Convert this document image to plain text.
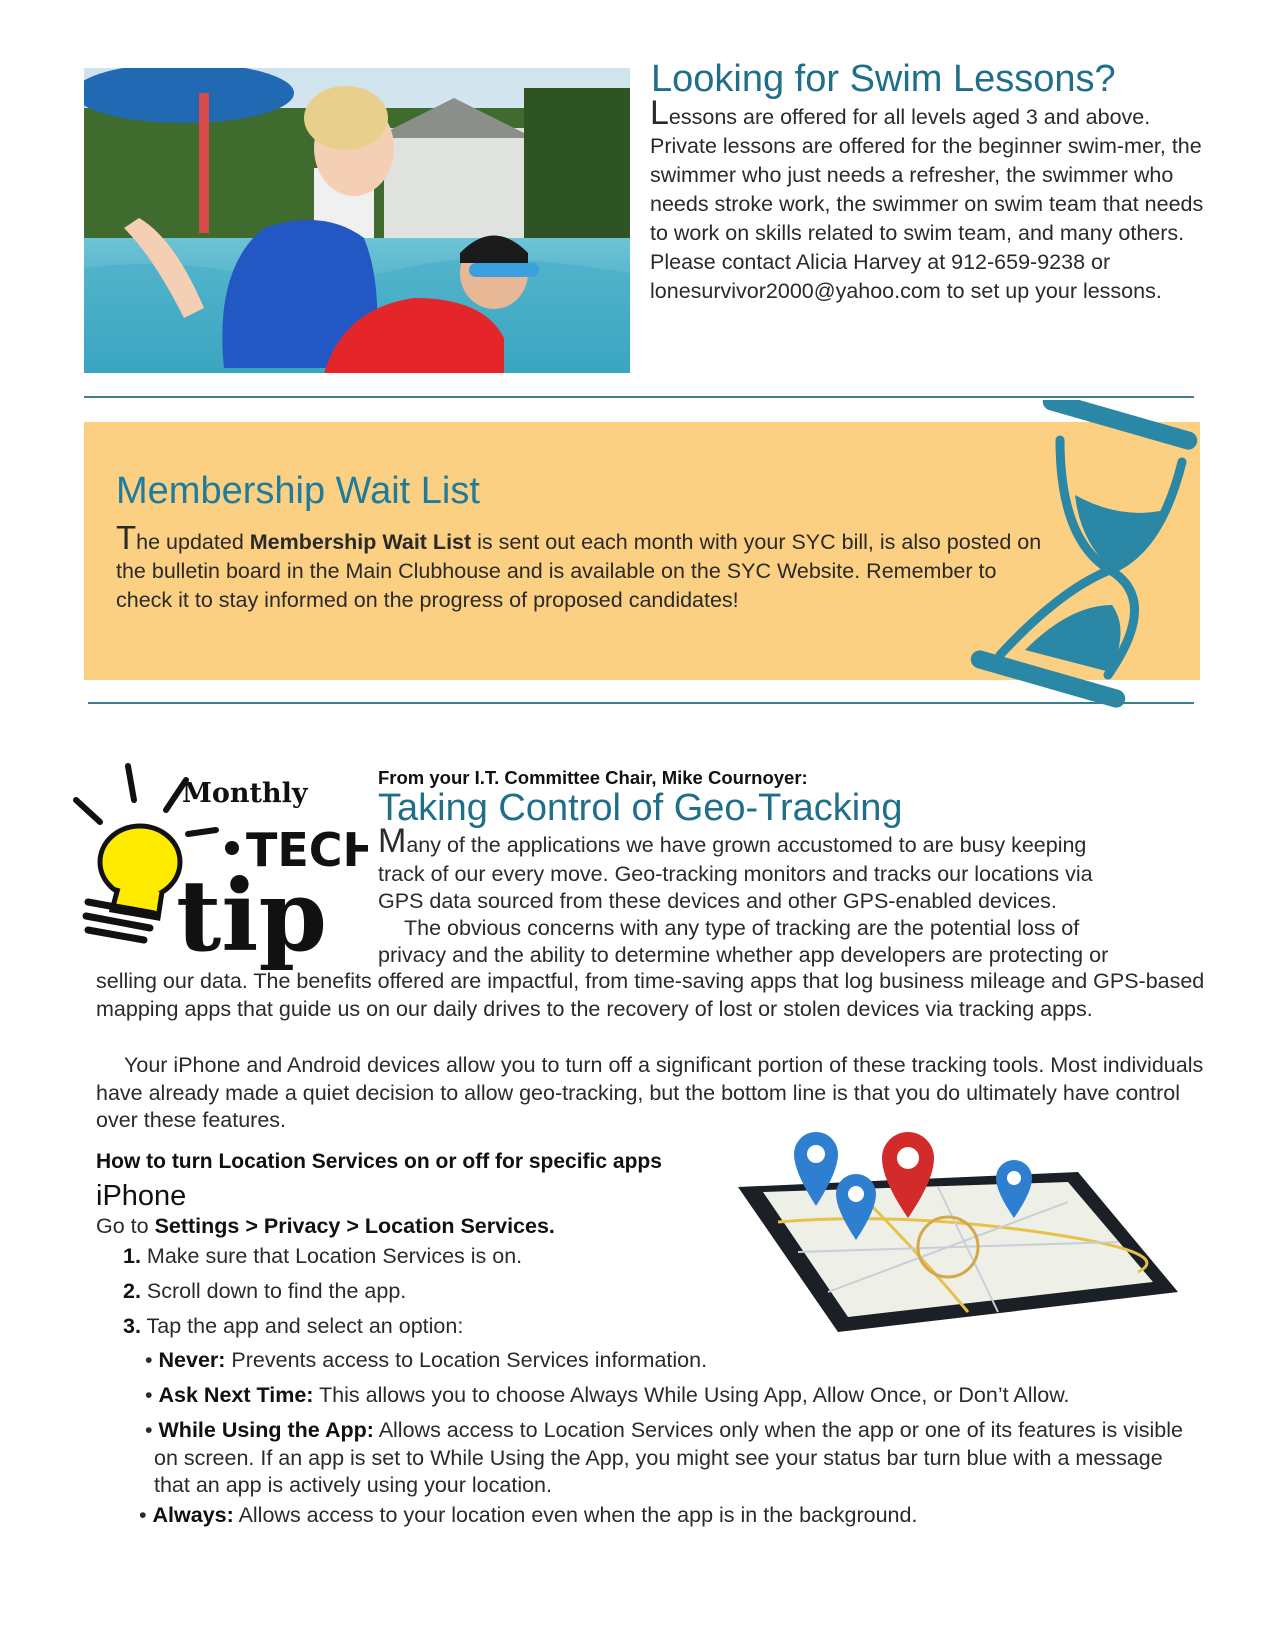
Looking for Swim Lessons?
Lessons are offered for all levels aged 3 and above. Private lessons are offered for the beginner swim-mer, the swimmer who just needs a refresher, the swimmer who needs stroke work, the swimmer on swim team that needs to work on skills related to swim team, and many others. Please contact Alicia Harvey at 912-659-9238 or lonesurvivor2000@yahoo.com to set up your lessons.
Membership Wait List
The updated Membership Wait List is sent out each month with your SYC bill, is also posted on the bulletin board in the Main Clubhouse and is available on the SYC Website. Remember to check it to stay informed on the progress of proposed candidates!
Monthly
TECH
tip
From your I.T. Committee Chair, Mike Cournoyer:
Taking Control of Geo-Tracking
Many of the applications we have grown accustomed to are busy keeping
track of our every move. Geo-tracking monitors and tracks our locations via
GPS data sourced from these devices and other GPS-enabled devices.
The obvious concerns with any type of tracking are the potential loss of
privacy and the ability to determine whether app developers are protecting or
selling our data. The benefits offered are impactful, from time-saving apps that log business mileage and GPS-based mapping apps that guide us on our daily drives to the recovery of lost or stolen devices via tracking apps.
Your iPhone and Android devices allow you to turn off a significant portion of these tracking tools. Most individuals have already made a quiet decision to allow geo-tracking, but the bottom line is that you do ultimately have control over these features.
How to turn Location Services on or off for specific apps
iPhone
Go to Settings > Privacy > Location Services.
1. Make sure that Location Services is on.
2. Scroll down to find the app.
3. Tap the app and select an option:
• Never: Prevents access to Location Services information.
• Ask Next Time: This allows you to choose Always While Using App, Allow Once, or Don’t Allow.
• While Using the App: Allows access to Location Services only when the app or one of its features is visible on screen. If an app is set to While Using the App, you might see your status bar turn blue with a message that an app is actively using your location.
• Always: Allows access to your location even when the app is in the background.
